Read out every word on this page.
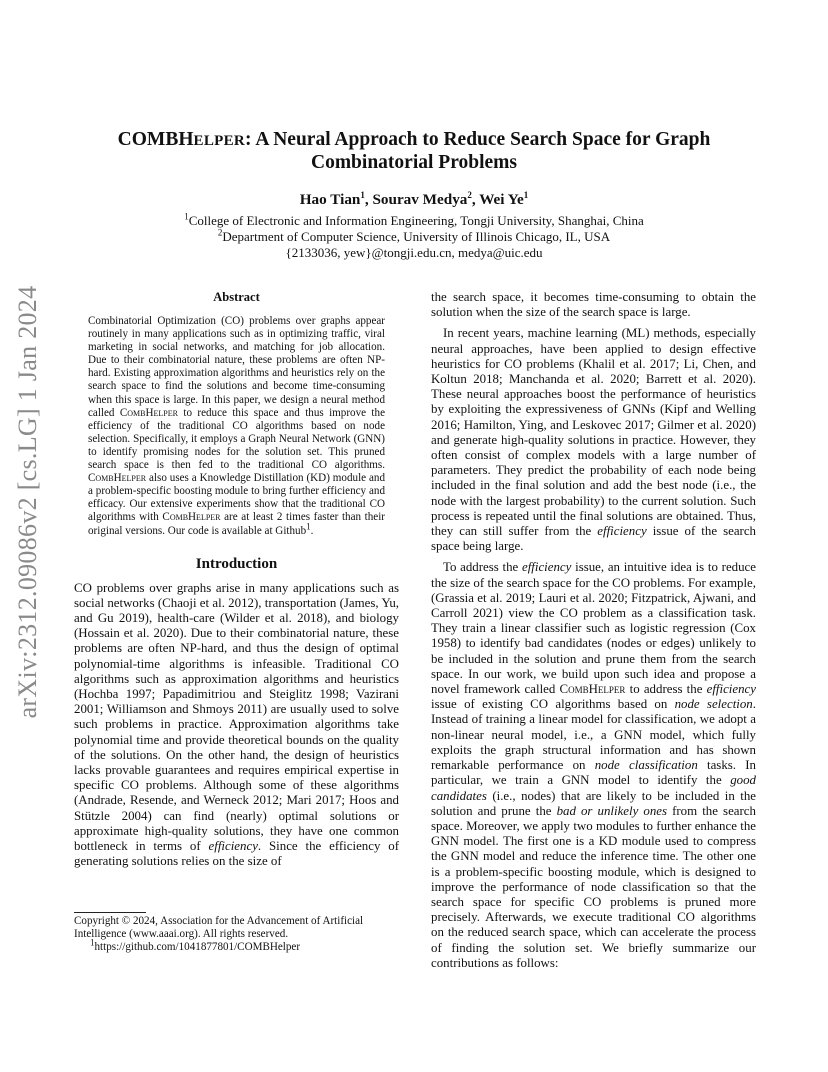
arXiv:2312.09086v2 [cs.LG] 1 Jan 2024
COMBHELPER: A Neural Approach to Reduce Search Space for Graph
Combinatorial Problems
Hao Tian$^1$, Sourav Medya$^2$, Wei Ye$^1$
$^1$College of Electronic and Information Engineering, Tongji University, Shanghai, China
$^2$Department of Computer Science, University of Illinois Chicago, IL, USA
{2133036, yew}@tongji.edu.cn, medya@uic.edu
Abstract

Combinatorial Optimization (CO) problems over graphs appear routinely in many applications such as in optimizing traffic, viral marketing in social networks, and matching for job allocation. Due to their combinatorial nature, these problems are often NP-hard. Existing approximation algorithms and heuristics rely on the search space to find the solutions and become time-consuming when this space is large. In this paper, we design a neural method called CombHelper to reduce this space and thus improve the efficiency of the traditional CO algorithms based on node selection. Specifically, it employs a Graph Neural Network (GNN) to identify promising nodes for the solution set. This pruned search space is then fed to the traditional CO algorithms. CombHelper also uses a Knowledge Distillation (KD) module and a problem-specific boosting module to bring further efficiency and efficacy. Our extensive experiments show that the traditional CO algorithms with CombHelper are at least 2 times faster than their original versions. Our code is available at Github$^1$.

Introduction

CO problems over graphs arise in many applications such as social networks (Chaoji et al. 2012), transportation (James, Yu, and Gu 2019), health-care (Wilder et al. 2018), and biology (Hossain et al. 2020). Due to their combinatorial nature, these problems are often NP-hard, and thus the design of optimal polynomial-time algorithms is infeasible. Traditional CO algorithms such as approximation algorithms and heuristics (Hochba 1997; Papadimitriou and Steiglitz 1998; Vazirani 2001; Williamson and Shmoys 2011) are usually used to solve such problems in practice. Approximation algorithms take polynomial time and provide theoretical bounds on the quality of the solutions. On the other hand, the design of heuristics lacks provable guarantees and requires empirical expertise in specific CO problems. Although some of these algorithms (Andrade, Resende, and Werneck 2012; Mari 2017; Hoos and Stützle 2004) can find (nearly) optimal solutions or approximate high-quality solutions, they have one common bottleneck in terms of efficiency. Since the efficiency of generating solutions relies on the size of

Copyright © 2024, Association for the Advancement of Artificial Intelligence (www.aaai.org). All rights reserved.

$^1$https://github.com/1041877801/COMBHelper

the search space, it becomes time-consuming to obtain the solution when the size of the search space is large.

In recent years, machine learning (ML) methods, especially neural approaches, have been applied to design effective heuristics for CO problems (Khalil et al. 2017; Li, Chen, and Koltun 2018; Manchanda et al. 2020; Barrett et al. 2020). These neural approaches boost the performance of heuristics by exploiting the expressiveness of GNNs (Kipf and Welling 2016; Hamilton, Ying, and Leskovec 2017; Gilmer et al. 2020) and generate high-quality solutions in practice. However, they often consist of complex models with a large number of parameters. They predict the probability of each node being included in the final solution and add the best node (i.e., the node with the largest probability) to the current solution. Such process is repeated until the final solutions are obtained. Thus, they can still suffer from the efficiency issue of the search space being large.

To address the efficiency issue, an intuitive idea is to reduce the size of the search space for the CO problems. For example, (Grassia et al. 2019; Lauri et al. 2020; Fitzpatrick, Ajwani, and Carroll 2021) view the CO problem as a classification task. They train a linear classifier such as logistic regression (Cox 1958) to identify bad candidates (nodes or edges) unlikely to be included in the solution and prune them from the search space. In our work, we build upon such idea and propose a novel framework called CombHelper to address the efficiency issue of existing CO algorithms based on node selection. Instead of training a linear model for classification, we adopt a non-linear neural model, i.e., a GNN model, which fully exploits the graph structural information and has shown remarkable performance on node classification tasks. In particular, we train a GNN model to identify the good candidates (i.e., nodes) that are likely to be included in the solution and prune the bad or unlikely ones from the search space. Moreover, we apply two modules to further enhance the GNN model. The first one is a KD module used to compress the GNN model and reduce the inference time. The other one is a problem-specific boosting module, which is designed to improve the performance of node classification so that the search space for specific CO problems is pruned more precisely. Afterwards, we execute traditional CO algorithms on the reduced search space, which can accelerate the process of finding the solution set. We briefly summarize our contributions as follows:
